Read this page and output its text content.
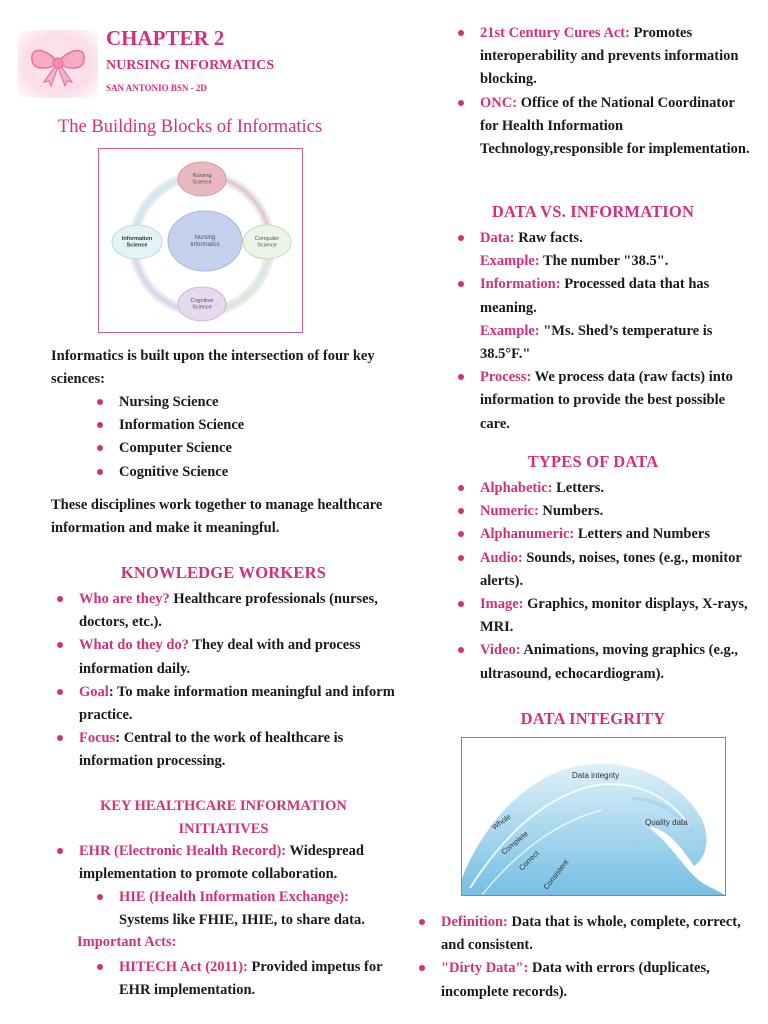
CHAPTER 2
NURSING INFORMATICS
SAN ANTONIO BSN - 2D
The Building Blocks of Informatics
Nursing Informatics
Nursing Science
Computer Science
Cognitive Science
Information Science
Informatics is built upon the intersection of four key sciences:
Nursing Science
Information Science
Computer Science
Cognitive Science
These disciplines work together to manage healthcare information and make it meaningful.
KNOWLEDGE WORKERS
Who are they? Healthcare professionals (nurses, doctors, etc.).
What do they do? They deal with and process information daily.
Goal: To make information meaningful and inform practice.
Focus: Central to the work of healthcare is information processing.
KEY HEALTHCARE INFORMATION
INITIATIVES
EHR (Electronic Health Record): Widespread implementation to promote collaboration.
HIE (Health Information Exchange): Systems like FHIE, IHIE, to share data.
Important Acts:
HITECH Act (2011): Provided impetus for EHR implementation.
21st Century Cures Act: Promotes interoperability and prevents information blocking.
ONC: Office of the National Coordinator for Health Information Technology,responsible for implementation.
DATA VS. INFORMATION
Data: Raw facts.
Example: The number "38.5".
Information: Processed data that has meaning.
Example: "Ms. Shed’s temperature is 38.5°F."
Process: We process data (raw facts) into information to provide the best possible care.
TYPES OF DATA
Alphabetic: Letters.
Numeric: Numbers.
Alphanumeric: Letters and Numbers
Audio: Sounds, noises, tones (e.g., monitor alerts).
Image: Graphics, monitor displays, X-rays, MRI.
Video: Animations, moving graphics (e.g., ultrasound, echocardiogram).
DATA INTEGRITY
Data integrity
Quality data
Whole
Complete
Correct Consistent
Definition: Data that is whole, complete, correct, and consistent.
"Dirty Data": Data with errors (duplicates, incomplete records).
